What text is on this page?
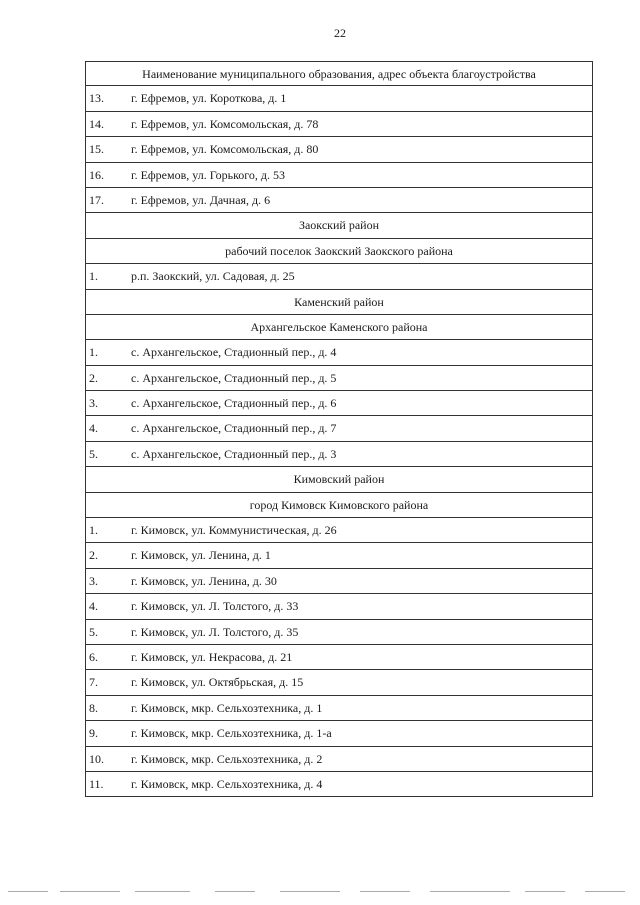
22
Наименование муниципального образования, адрес объекта благоустройства
13. г. Ефремов, ул. Короткова, д. 1
14. г. Ефремов, ул. Комсомольская, д. 78
15. г. Ефремов, ул. Комсомольская, д. 80
16. г. Ефремов, ул. Горького, д. 53
17. г. Ефремов, ул. Дачная, д. 6
Заокский район
рабочий поселок Заокский Заокского района
1.	р.п. Заокский, ул. Садовая, д. 25
Каменский район
Архангельское Каменского района
1.	с. Архангельское, Стадионный пер., д. 4
2.	с. Архангельское, Стадионный пер., д. 5
3.	с. Архангельское, Стадионный пер., д. 6
4.	с. Архангельское, Стадионный пер., д. 7
5.	с. Архангельское, Стадионный пер., д. 3
Кимовский район
город Кимовск Кимовского района
1.	г. Кимовск, ул. Коммунистическая, д. 26
2.	г. Кимовск, ул. Ленина, д. 1
3.	г. Кимовск, ул. Ленина, д. 30
4.	г. Кимовск, ул. Л. Толстого, д. 33
5.	г. Кимовск, ул. Л. Толстого, д. 35
6.	г. Кимовск, ул. Некрасова, д. 21
7.	г. Кимовск, ул. Октябрьская, д. 15
8.	г. Кимовск, мкр. Сельхозтехника, д. 1
9.	г. Кимовск, мкр. Сельхозтехника, д. 1-а
10. г. Кимовск, мкр. Сельхозтехника, д. 2
11. г. Кимовск, мкр. Сельхозтехника, д. 4
